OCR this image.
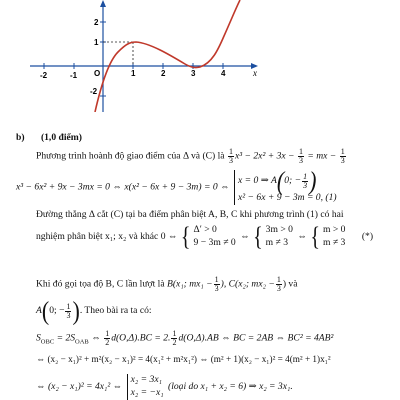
-2	-1 O	1	2	3	4	x
2
1
-2
b) (1,0 điểm)
Phương trình hoành độ giao điểm của Δ và (C) là $\frac{1}{3} x^3 - 2x^2 + 3x - \frac{1}{3}$ = mx − $\frac{1}{3}$
x³ − 6x² + 9x − 3mx = 0 ⇔ x(x² − 6x + 9 − 3m) = 0 ⇔
x = 0 ⇒ A(0; − $\frac{1}{3}$ )
x² − 6x + 9 − 3m = 0, (1)
Đường thẳng Δ cắt (C) tại ba điểm phân biệt A, B, C khi phương trình (1) có hai
nghiệm phân biệt x₁; x₂ và khác 0 ⇔ { Δ′ > 0
9 − 3m ≠ 0
⇔ { 3m > 0
m ≠ 3
⇔ { m > 0
m ≠ 3
(*)
Khi đó gọi tọa độ B, C lần lượt là B(x₁; $mx_1 - \frac{1}{3}$ ), C(x₂; $mx_2 - \frac{1}{3}$ ) và
A(0; − $\frac{1}{3}$ ). Theo bài ra ta có:
$S_{OBC} = 2S_{OAB}$ ⇔ $\frac{1}{2} d(O,\Delta).BC = 2$. $\frac{1}{2} d(O,\Delta).AB$ ⇔ BC = 2AB ⇔ BC² = 4AB²
⇔ (x₂ − x₁)² + m²(x₂ − x₁)² = 4(x₁² + m²x₁²) ⇔ (m² + 1)(x₂ − x₁)² = 4(m² + 1)x₁²
⇔ (x₂ − x₁)² = 4x₁² ⇔
x₂ = 3x₁
x₂ = −x₁
(loại do x₁ + x₂ = 6) ⇒ x₂ = 3x₁.
